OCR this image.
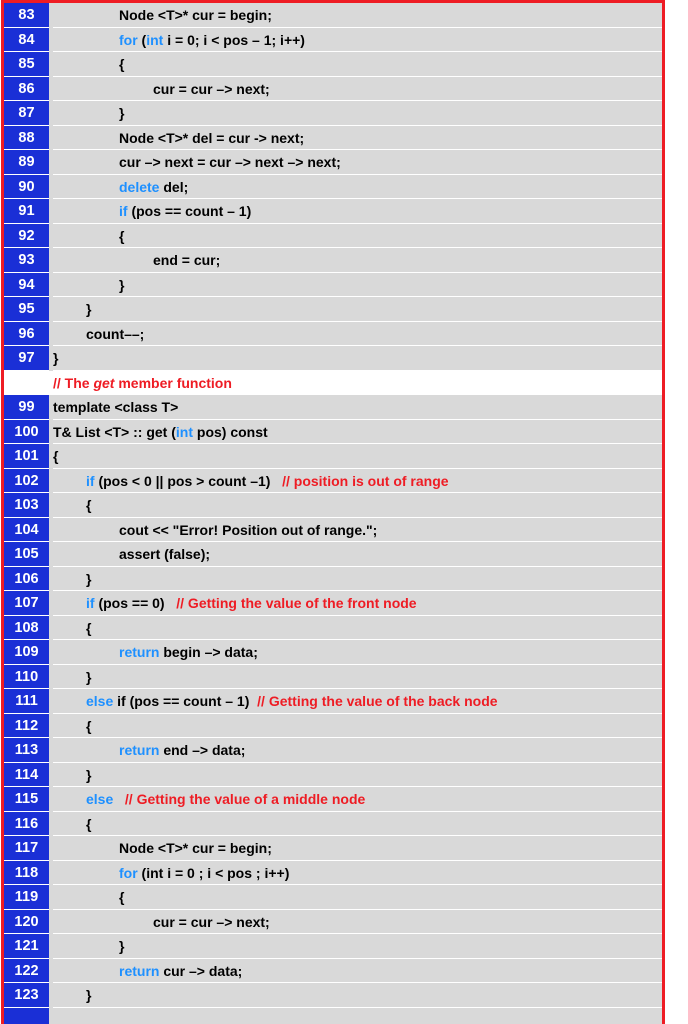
83	Node <T>* cur = begin;
84	for (int i = 0; i < pos – 1; i++)
85	{
86	cur = cur –> next;
87	}
88	Node <T>* del = cur -> next;
89	cur –> next = cur –> next –> next;
90	delete del;
91	if (pos == count – 1)
92	{
93	end = cur;
94	}
95	}
96	count––;
97	}
98	// The get member function
99	template <class T>
100	T& List <T> :: get (int pos) const
101	{
102	if (pos < 0 || pos > count –1)   // position is out of range
103	{
104	cout << "Error! Position out of range.";
105	assert (false);
106	}
107	if (pos == 0)   // Getting the value of the front node
108	{
109	return begin –> data;
110	}
111	else if (pos == count – 1)  // Getting the value of the back node
112	{
113	return end –> data;
114	}
115	else // Getting the value of a middle node
116	{
117	Node <T>* cur = begin;
118	for (int i = 0 ; i < pos ; i++)
119	{
120	cur = cur –> next;
121	}
122	return cur –> data;
123	}
